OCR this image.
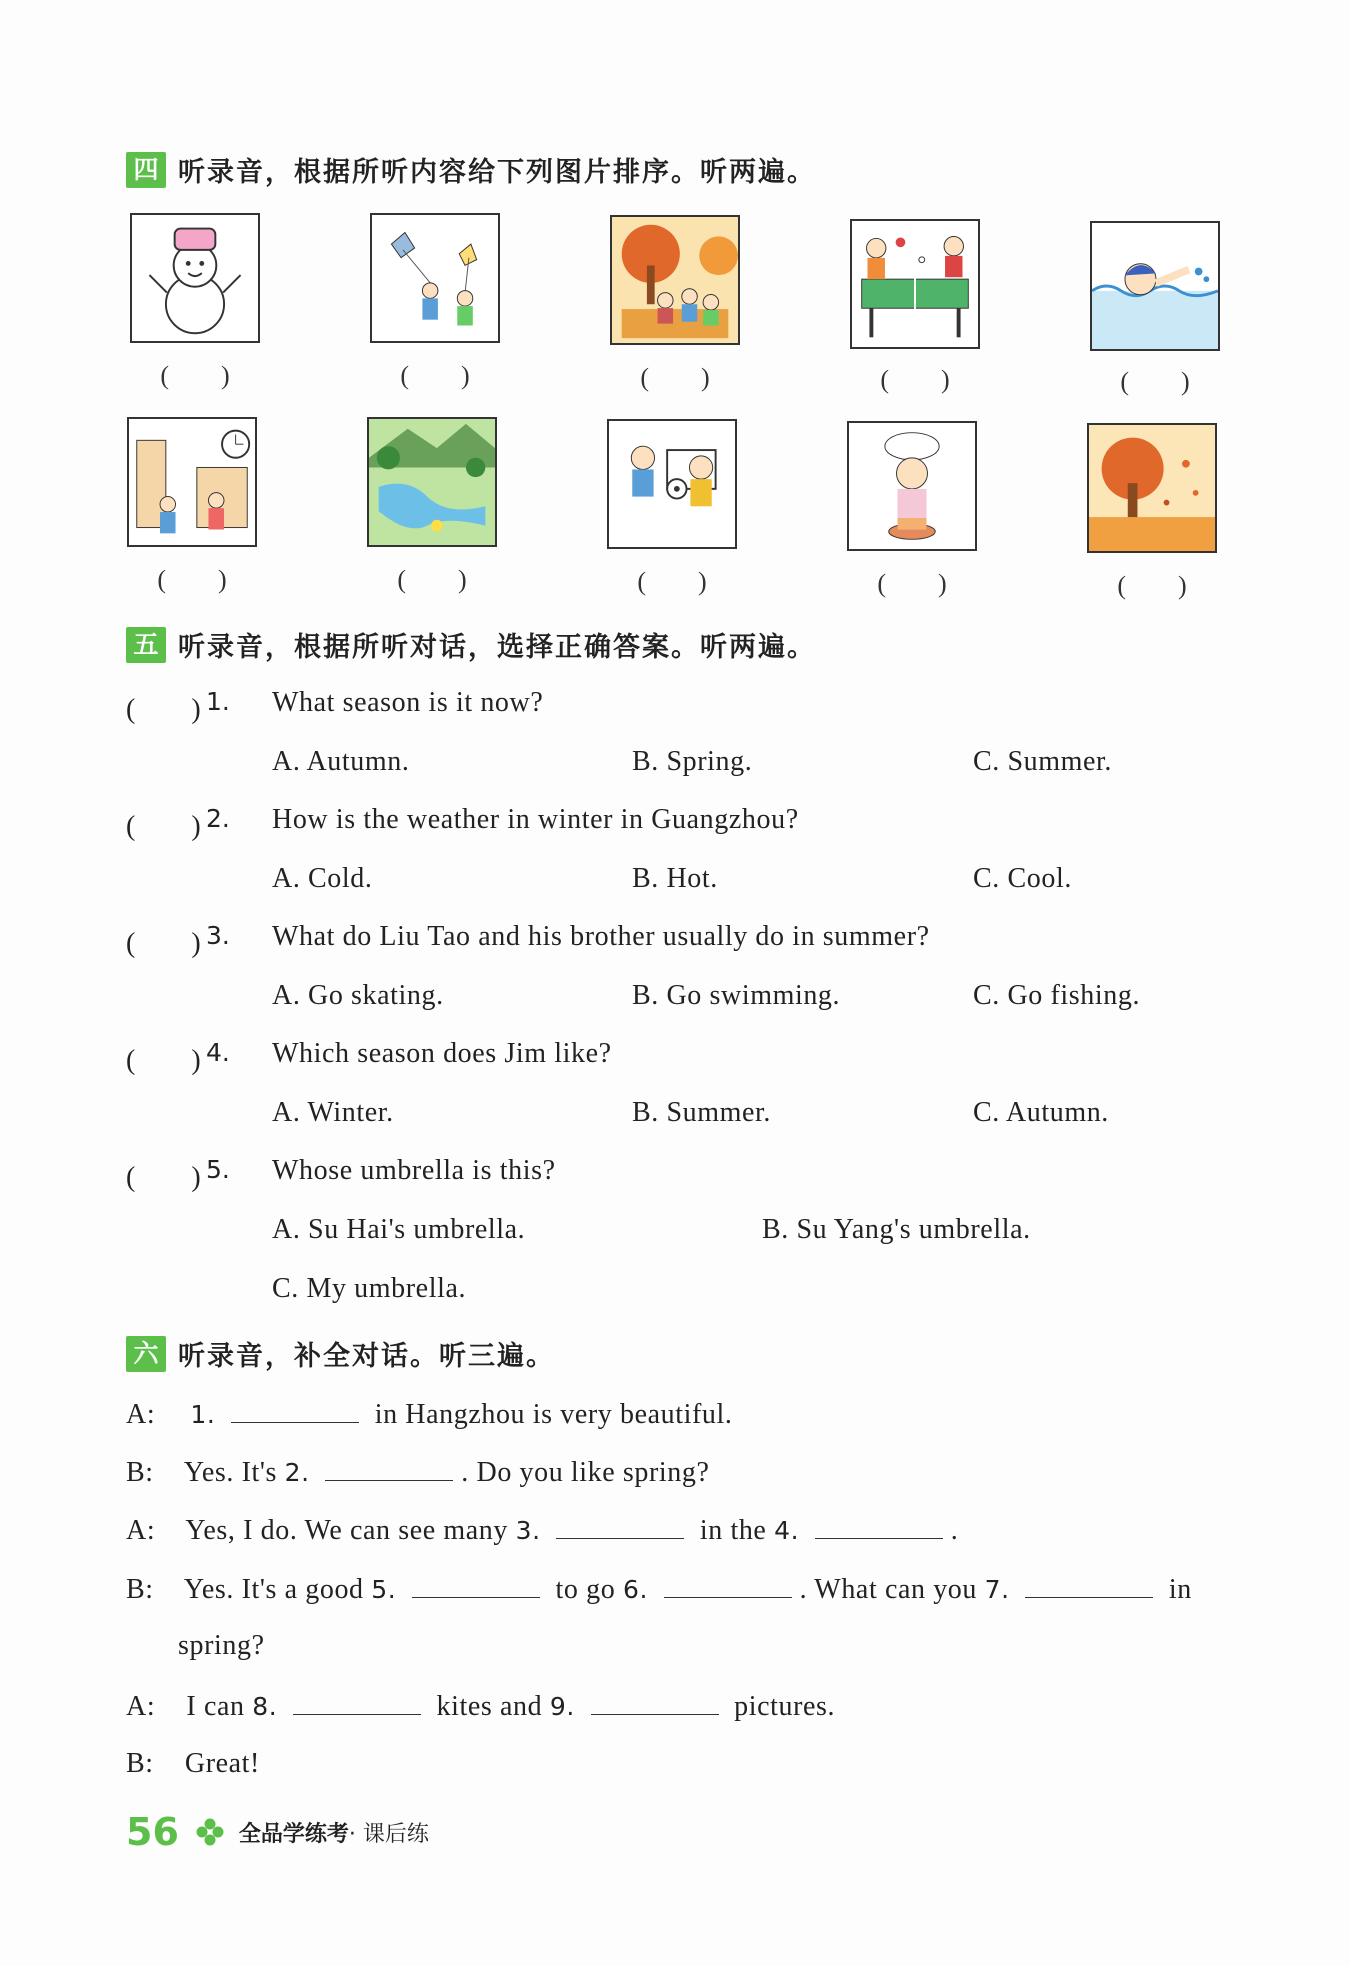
四 听录音，根据所听内容给下列图片排序。听两遍。
(　　)	(　　)	(　　)	(　　)	(　　)
(　　)	(　　)	(　　)	(　　)	(　　)
五 听录音，根据所听对话，选择正确答案。听两遍。
(　　) 1. What season is it now?
A. Autumn.	B. Spring.	C. Summer.
(　　) 2. How is the weather in winter in Guangzhou?
A. Cold.	B. Hot.	C. Cool.
(　　) 3. What do Liu Tao and his brother usually do in summer?
A. Go skating.	B. Go swimming.	C. Go fishing.
(　　) 4. Which season does Jim like?
A. Winter.	B. Summer.	C. Autumn.
(　　) 5. Whose umbrella is this?
A. Su Hai's umbrella.	B. Su Yang's umbrella.
C. My umbrella.
六 听录音，补全对话。听三遍。
A: 1.	in Hangzhou is very beautiful.
B: Yes. It's 2.	. Do you like spring?
A: Yes, I do. We can see many 3.	in the 4.	.
B: Yes. It's a good 5.	to go 6.	. What can you 7.	in
spring?
A: I can 8.	kites and 9.	pictures.
B: Great!
56	全品学练考 · 课后练
